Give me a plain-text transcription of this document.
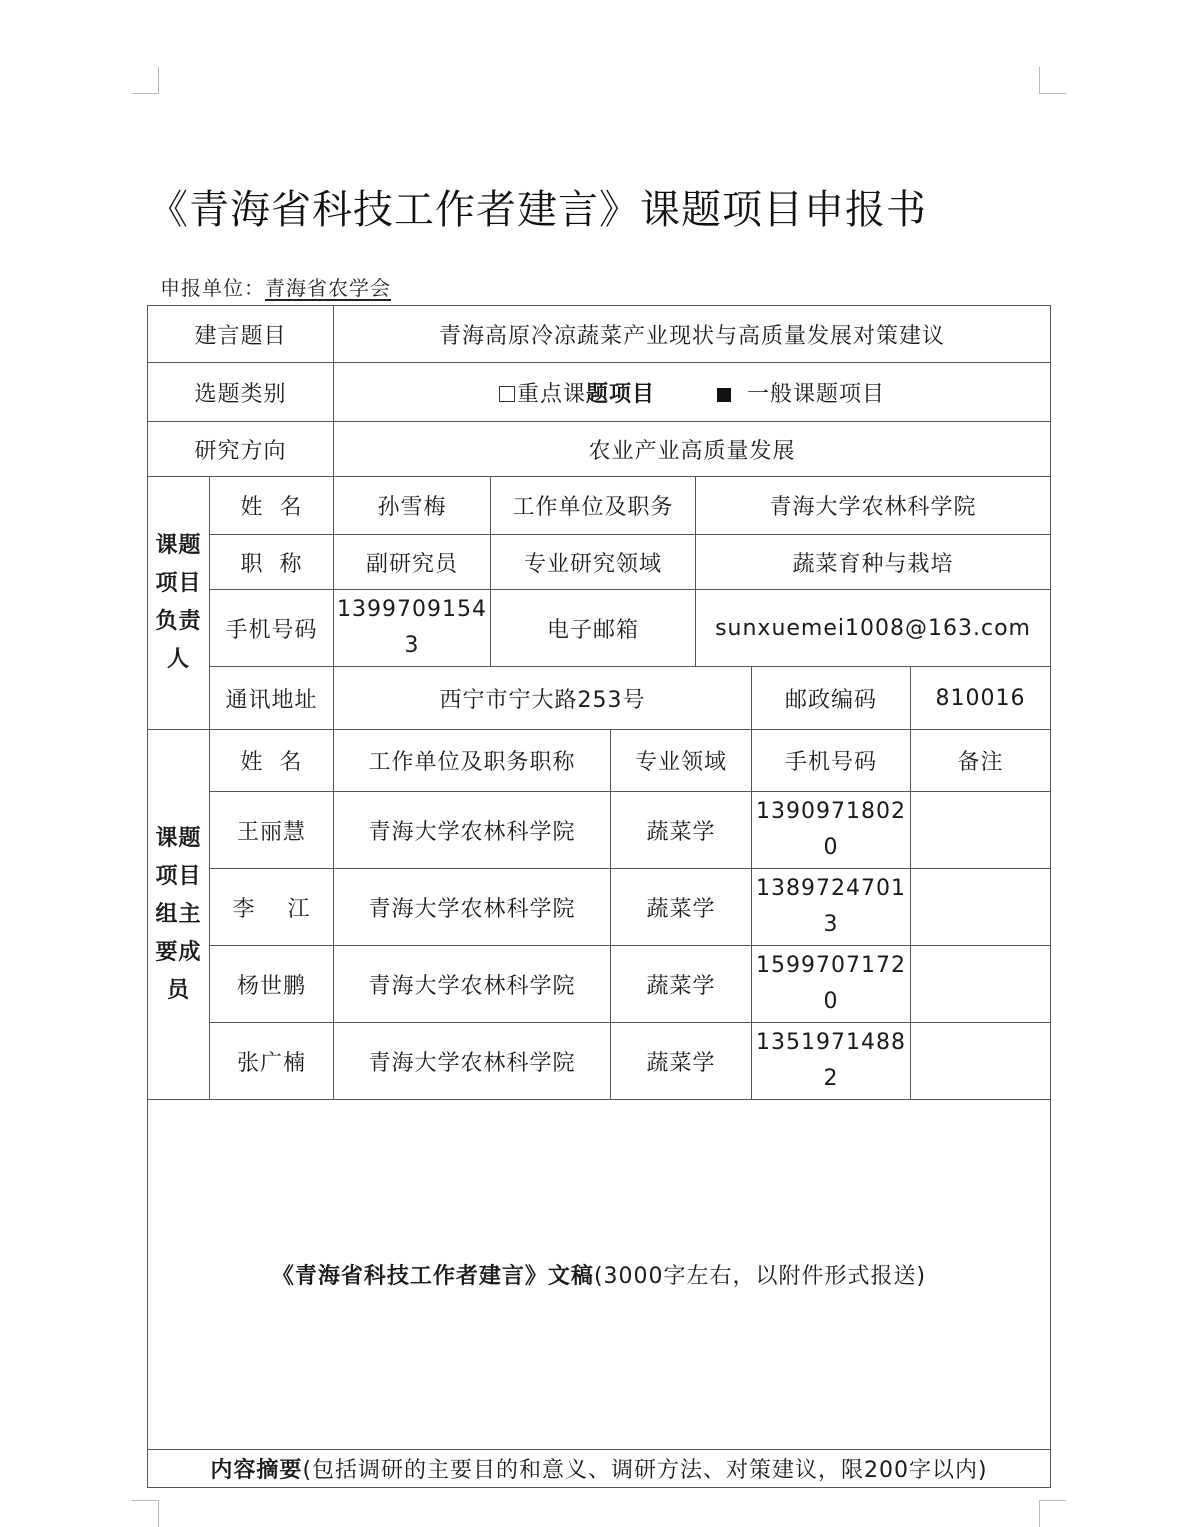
《青海省科技工作者建言》课题项目申报书
申报单位：青海省农学会
建言题目		青海高原冷凉蔬菜产业现状与高质量发展对策建议					
选题类别		重点课题项目 一般课题项目					
研究方向		农业产业高质量发展					

课题
项目
负责
人	姓  名	孙雪梅	工作单位及职务		青海大学农林科学院		
	职  称	副研究员	专业研究领域		蔬菜育种与栽培		
	手机号码	13997091543	电子邮箱		sunxuemei1008@163.com		
	通讯地址	西宁市宁大路253号				邮政编码	810016

课题
项目
组主
要成
员	姓  名	工作单位及职务职称		专业领域		手机号码	备注
	王丽慧	青海大学农林科学院		蔬菜学		13909718020	
	李    江	青海大学农林科学院		蔬菜学		13897247013	
	杨世鹏	青海大学农林科学院		蔬菜学		15997071720	
	张广楠	青海大学农林科学院		蔬菜学		13519714882	
《青海省科技工作者建言》文稿(3000字左右，以附件形式报送)							
内容摘要(包括调研的主要目的和意义、调研方法、对策建议，限200字以内)							
